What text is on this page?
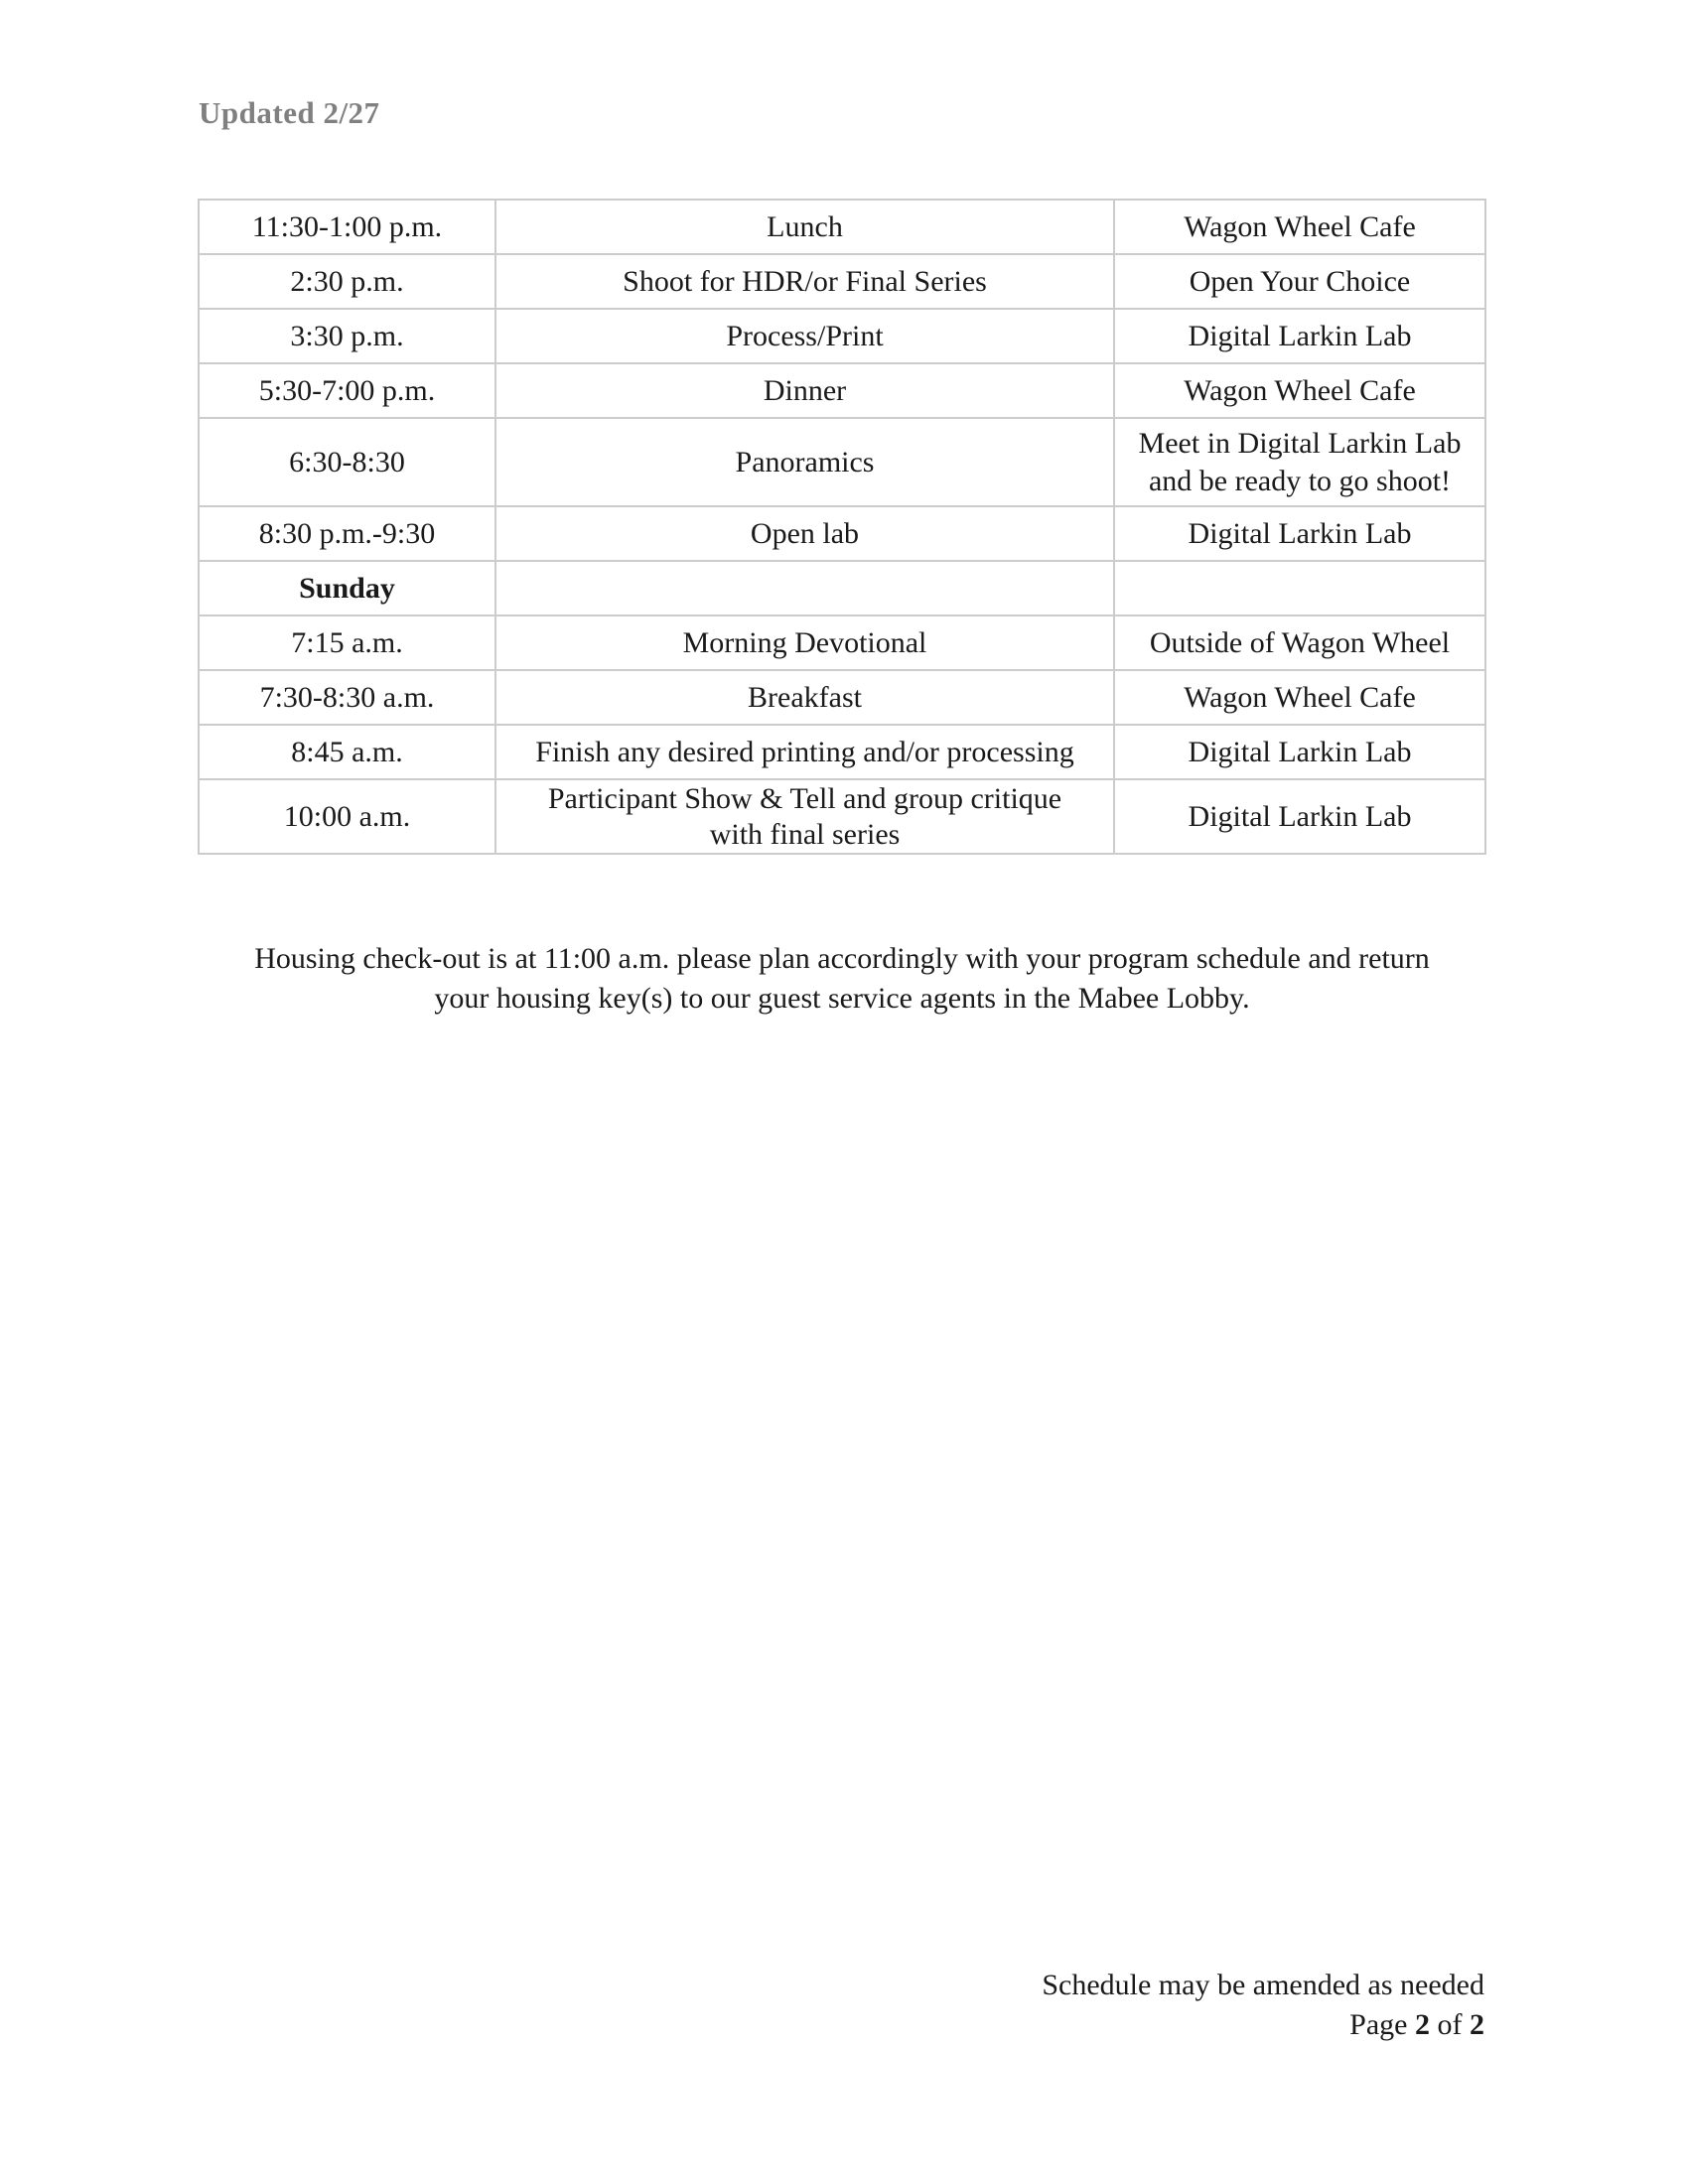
Updated 2/27
11:30-1:00 p.m.	Lunch	Wagon Wheel Cafe
2:30 p.m.	Shoot for HDR/or Final Series	Open Your Choice
3:30 p.m.	Process/Print	Digital Larkin Lab
5:30-7:00 p.m.	Dinner	Wagon Wheel Cafe
6:30-8:30	Panoramics	Meet in Digital Larkin Lab
and be ready to go shoot!

8:30 p.m.-9:30	Open lab	Digital Larkin Lab
Sunday		
7:15 a.m.	Morning Devotional	Outside of Wagon Wheel
7:30-8:30 a.m.	Breakfast	Wagon Wheel Cafe
8:45 a.m.	Finish any desired printing and/or processing	Digital Larkin Lab
10:00 a.m.	Participant Show & Tell and group critique
with final series	Digital Larkin Lab
Housing check-out is at 11:00 a.m. please plan accordingly with your program schedule and return
your housing key(s) to our guest service agents in the Mabee Lobby.
Schedule may be amended as needed
Page 2 of 2
